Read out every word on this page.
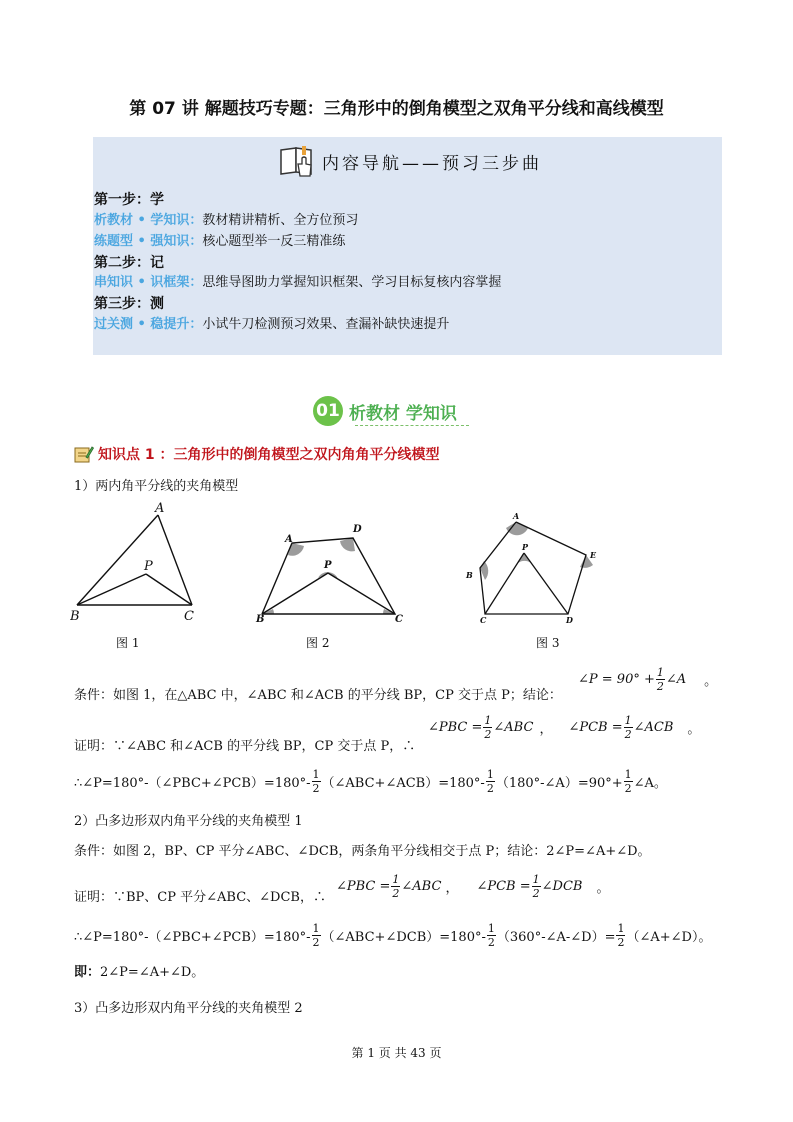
第 07 讲 解题技巧专题：三角形中的倒角模型之双角平分线和高线模型
内容导航——预习三步曲
第一步：学
析教材 • 学知识：教材精讲精析、全方位预习
练题型 • 强知识：核心题型举一反三精准练
第二步：记
串知识 • 识框架：思维导图助力掌握知识框架、学习目标复核内容掌握
第三步：测
过关测 • 稳提升：小试牛刀检测预习效果、查漏补缺快速提升
01 析教材 学知识
知识点 1 ：三角形中的倒角模型之双内角角平分线模型
1）两内角平分线的夹角模型
A
B	C
P
A
D
P
B	C
A
P
B
E
C	D
图 1	图 2	图 3
条件：如图 1，在△ABC 中，∠ABC 和∠ACB 的平分线 BP，CP 交于点 P；结论：
∠P = $90^\circ + \frac{1}{2}$ ∠A 。
证明：∵∠ABC 和∠ACB 的平分线 BP，CP 交于点 P，∴
∠PBC = $\frac{1}{2}$ ∠ABC ， ∠PCB = $\frac{1}{2}$ ∠ACB 。
∴∠P=180°-（∠PBC+∠PCB）=180°- $\frac{1}{2}$ （∠ABC+∠ACB）=180°- $\frac{1}{2}$ （180°-∠A）=90°+ $\frac{1}{2}$ ∠A。
2）凸多边形双内角平分线的夹角模型 1
条件：如图 2，BP、CP 平分∠ABC、∠DCB，两条角平分线相交于点 P；结论：2∠P=∠A+∠D。
证明：∵BP、CP 平分∠ABC、∠DCB，∴
∠PBC = $\frac{1}{2}$ ∠ABC ， ∠PCB = $\frac{1}{2}$ ∠DCB 。
∴∠P=180°-（∠PBC+∠PCB）=180°- $\frac{1}{2}$ （∠ABC+∠DCB）=180°- $\frac{1}{2}$ （360°-∠A-∠D）= $\frac{1}{2}$ （∠A+∠D）。
即：2∠P=∠A+∠D。
3）凸多边形双内角平分线的夹角模型 2
第 1 页 共 43 页
